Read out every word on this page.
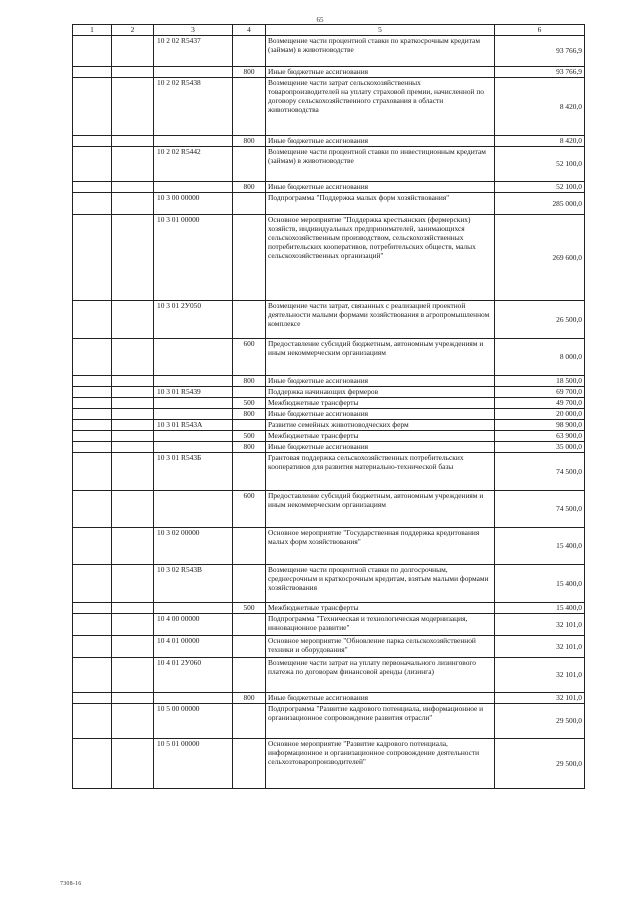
65
1	2	3	4	5	6
		10 2 02 R5437		Возмещение части процентной ставки по краткосрочным кредитам (займам) в животноводстве	93 766,9
			800	Иные бюджетные ассигнования	93 766,9
		10 2 02 R5438		Возмещение части затрат сельскохозяйственных товаропроизводителей на уплату страховой премии, начисленной по договору сельскохозяйственного страхования в области животноводства	8 420,0
			800	Иные бюджетные ассигнования	8 420,0
		10 2 02 R5442		Возмещение части процентной ставки по инвестиционным кредитам (займам) в животноводстве	52 100,0
			800	Иные бюджетные ассигнования	52 100,0
		10 3 00 00000		Подпрограмма "Поддержка малых форм хозяйствования"	285 000,0
		10 3 01 00000		Основное мероприятие "Поддержка крестьянских (фермерских) хозяйств, индивидуальных предпринимателей, занимающихся сельскохозяйственным производством, сельскохозяйственных потребительских кооперативов, потребительских обществ, малых сельскохозяйственных организаций"	269 600,0
		10 3 01 2У050		Возмещение части затрат, связанных с реализацией проектной деятельности малыми формами хозяйствования в агропромышленном комплексе	26 500,0
			600	Предоставление субсидий бюджетным, автономным учреждениям и иным некоммерческим организациям	8 000,0
			800	Иные бюджетные ассигнования	18 500,0
		10 3 01 R5439		Поддержка начинающих фермеров	69 700,0
			500	Межбюджетные трансферты	49 700,0
			800	Иные бюджетные ассигнования	20 000,0
		10 3 01 R543А		Развитие семейных животноводческих ферм	98 900,0
			500	Межбюджетные трансферты	63 900,0
			800	Иные бюджетные ассигнования	35 000,0
		10 3 01 R543Б		Грантовая поддержка сельскохозяйственных потребительских кооперативов для развития материально-технической базы	74 500,0
			600	Предоставление субсидий бюджетным, автономным учреждениям и иным некоммерческим организациям	74 500,0
		10 3 02 00000		Основное мероприятие "Государственная поддержка кредитования малых форм хозяйствования"	15 400,0
		10 3 02 R543В		Возмещение части процентной ставки по долгосрочным, среднесрочным и краткосрочным кредитам, взятым малыми формами хозяйствования	15 400,0
			500	Межбюджетные трансферты	15 400,0
		10 4 00 00000		Подпрограмма "Техническая и технологическая модернизация, инновационное развитие"	32 101,0
		10 4 01 00000		Основное мероприятие "Обновление парка сельскохозяйственной техники и оборудования"	32 101,0
		10 4 01 2У060		Возмещение части затрат на уплату первоначального лизингового платежа по договорам финансовой аренды (лизинга)	32 101,0
			800	Иные бюджетные ассигнования	32 101,0
		10 5 00 00000		Подпрограмма "Развитие кадрового потенциала, информационное и организационное сопровождение развития отрасли"	29 500,0
		10 5 01 00000		Основное мероприятие "Развитие кадрового потенциала, информационное и организационное сопровождение деятельности сельхозтоваропроизводителей"	29 500,0
7308-16
